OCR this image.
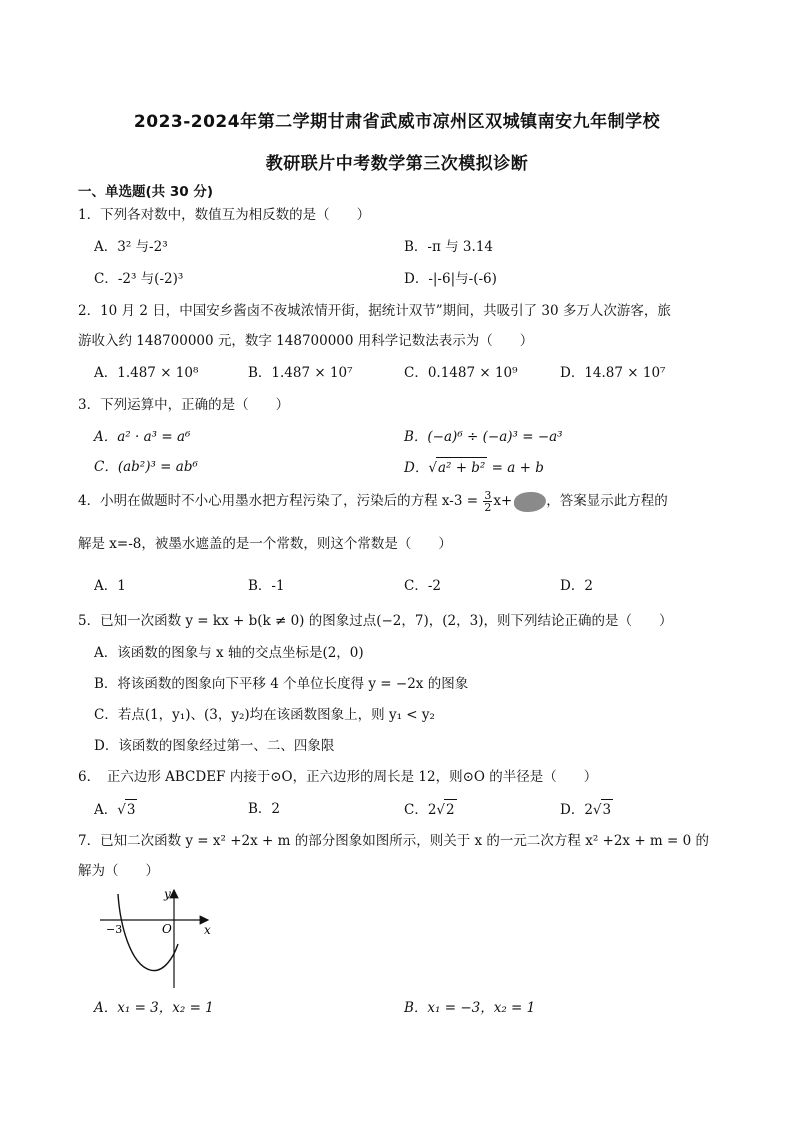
2023-2024年第二学期甘肃省武威市凉州区双城镇南安九年制学校
教研联片中考数学第三次模拟诊断
一、单选题(共 30 分)
1．下列各对数中，数值互为相反数的是（　　）
A．3² 与-2³	B．-π 与 3.14
C．-2³ 与(-2)³	D．-|-6|与-(-6)
2．10 月 2 日，中国安乡酱卤不夜城浓情开街，据统计双节”期间，共吸引了 30 多万人次游客，旅
游收入约 148700000 元，数字 148700000 用科学记数法表示为（　　）
A．1.487 × 10⁸	B．1.487 × 10⁷	C．0.1487 × 10⁹	D．14.87 × 10⁷
3．下列运算中，正确的是（　　）
A．a² · a³ = a⁶	B．(−a)⁶ ÷ (−a)³ = −a³
C．(ab²)³ = ab⁶	D．√a² + b² = a + b
4．小明在做题时不小心用墨水把方程污染了，污染后的方程 $x-3 = \frac{3}{2} x+$	，答案显示此方程的
解是 x=-8，被墨水遮盖的是一个常数，则这个常数是（　　）
A．1	B．-1	C．-2	D．2
5．已知一次函数 y = kx + b(k ≠ 0) 的图象过点(−2，7)，(2，3)，则下列结论正确的是（　　）
A．该函数的图象与 x 轴的交点坐标是(2，0)
B．将该函数的图象向下平移 4 个单位长度得 y = −2x 的图象
C．若点(1，y₁)、(3，y₂)均在该函数图象上，则 y₁ < y₂
D．该函数的图象经过第一、二、四象限
6．　正六边形 ABCDEF 内接于⊙O，正六边形的周长是 12，则⊙O 的半径是（　　）
A．√3	B．2	C．2√2	D．2√3
7．已知二次函数 y = x² +2x + m 的部分图象如图所示，则关于 x 的一元二次方程 x² +2x + m = 0 的
解为（　　）
y
x
O
−3
A．x₁ = 3，x₂ = 1	B．x₁ = −3，x₂ = 1
